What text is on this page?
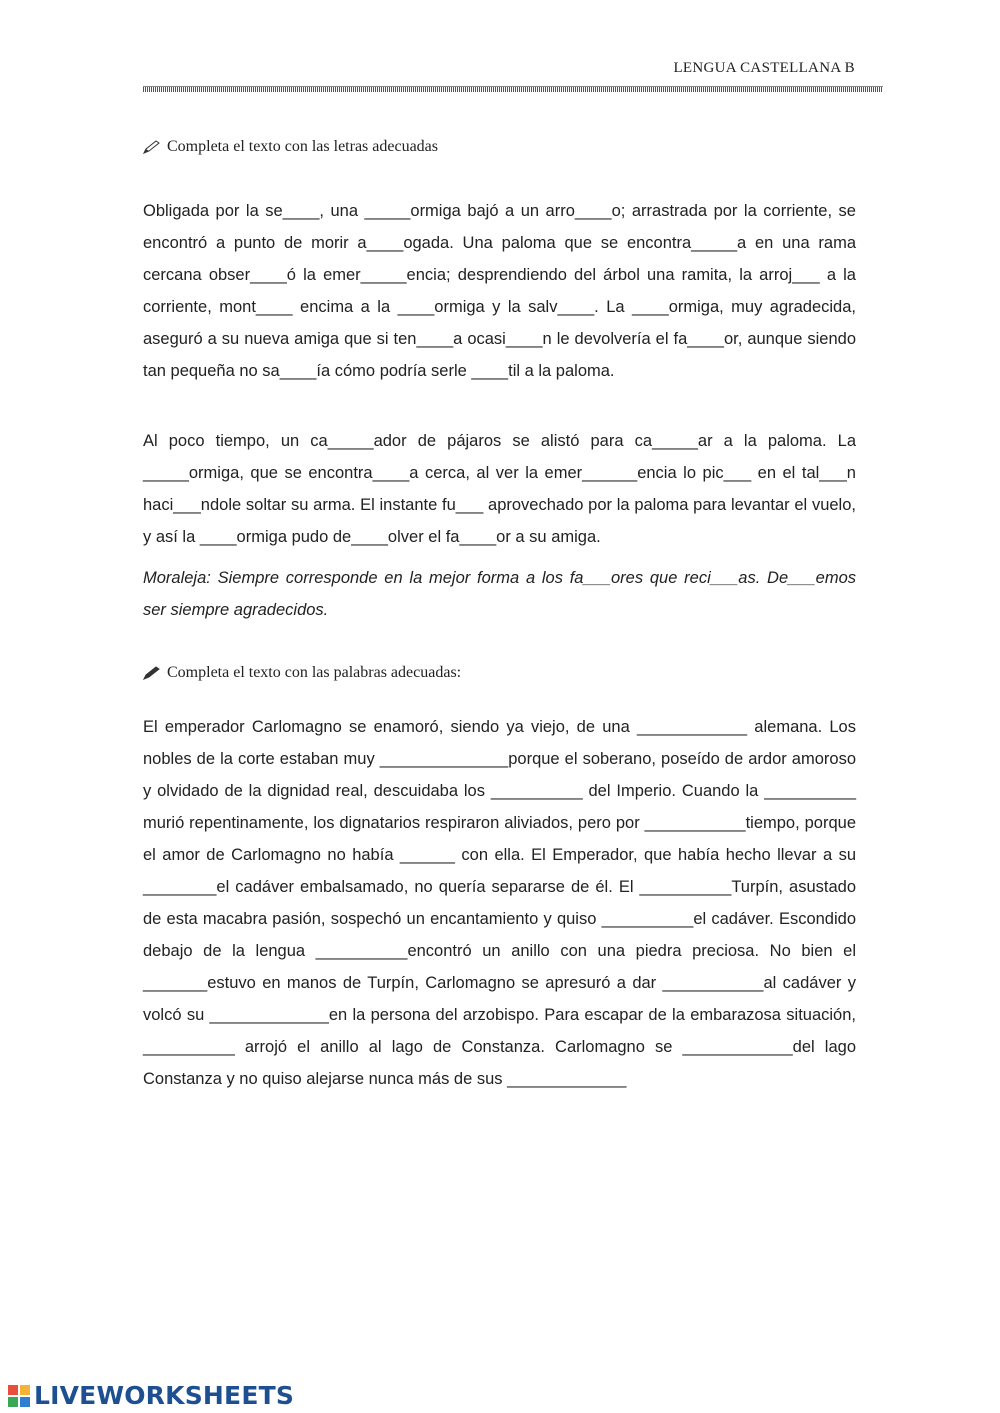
LENGUA CASTELLANA B
Completa el texto con las letras adecuadas

Obligada por la se____, una _____ormiga bajó a un arro____o; arrastrada por la corriente, se encontró a punto de morir a____ogada. Una paloma que se encontra_____a en una rama cercana obser____ó la emer_____encia; desprendiendo del árbol una ramita, la arroj___ a la corriente, mont____ encima a la ____ormiga y la salv____. La ____ormiga, muy agradecida, aseguró a su nueva amiga que si ten____a ocasi____n le devolvería el fa____or, aunque siendo tan pequeña no sa____ía cómo podría serle ____til a la paloma.

Al poco tiempo, un ca_____ador de pájaros se alistó para ca_____ar a la paloma. La _____ormiga, que se encontra____a cerca, al ver la emer______encia lo pic___ en el tal___n haci___ndole soltar su arma. El instante fu___ aprovechado por la paloma para levantar el vuelo, y así la ____ormiga pudo de____olver el fa____or a su amiga.

Moraleja: Siempre corresponde en la mejor forma a los fa___ores que reci___as. De___emos ser siempre agradecidos.

Completa el texto con las palabras adecuadas:

El emperador Carlomagno se enamoró, siendo ya viejo, de una ____________ alemana. Los nobles de la corte estaban muy ______________porque el soberano, poseído de ardor amoroso y olvidado de la dignidad real, descuidaba los __________ del Imperio. Cuando la __________ murió repentinamente, los dignatarios respiraron aliviados, pero por ___________tiempo, porque el amor de Carlomagno no había ______ con ella. El Emperador, que había hecho llevar a su ________el cadáver embalsamado, no quería separarse de él. El __________Turpín, asustado de esta macabra pasión, sospechó un encantamiento y quiso __________el cadáver. Escondido debajo de la lengua __________encontró un anillo con una piedra preciosa. No bien el _______estuvo en manos de Turpín, Carlomagno se apresuró a dar ___________al cadáver y volcó su _____________en la persona del arzobispo. Para escapar de la embarazosa situación, __________ arrojó el anillo al lago de Constanza. Carlomagno se ____________del lago Constanza y no quiso alejarse nunca más de sus _____________

LIVEWORKSHEETS
